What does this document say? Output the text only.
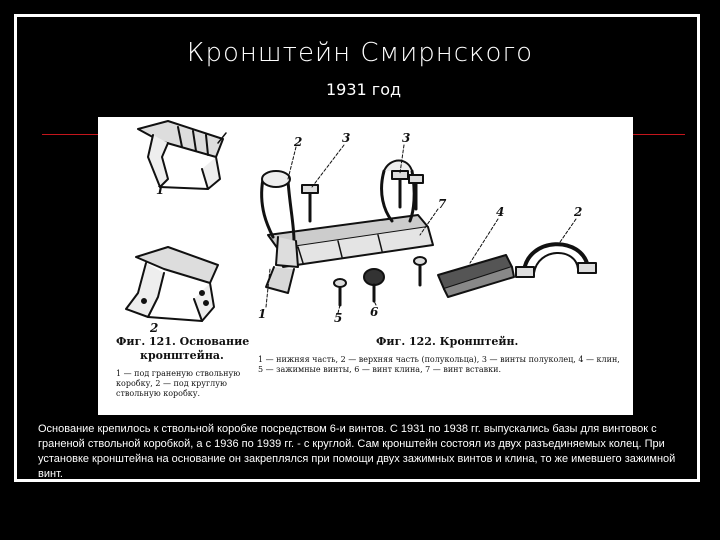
Кронштейн Смирнского
1931 год
1
2
3	3
2
4
7
2
1	5 6
Фиг. 121. Основание
кронштейна.
1 — под граненую ствольную коробку, 2 — под круглую ствольную коробку.
Фиг. 122. Кронштейн.
1 — нижняя часть, 2 — верхняя часть (полукольца), 3 — винты полуколец, 4 — клин, 5 — зажимные винты, 6 — винт клина, 7 — винт вставки.
Основание крепилось к ствольной коробке посредством 6-и винтов. С 1931 по 1938 гг. выпускались базы для винтовок с граненой ствольной коробкой, а с 1936 по 1939 гг. - с круглой. Сам кронштейн состоял из двух разъединяемых колец. При установке кронштейна на основание он закреплялся при помощи двух зажимных винтов и клина, то же имевшего зажимной винт.
